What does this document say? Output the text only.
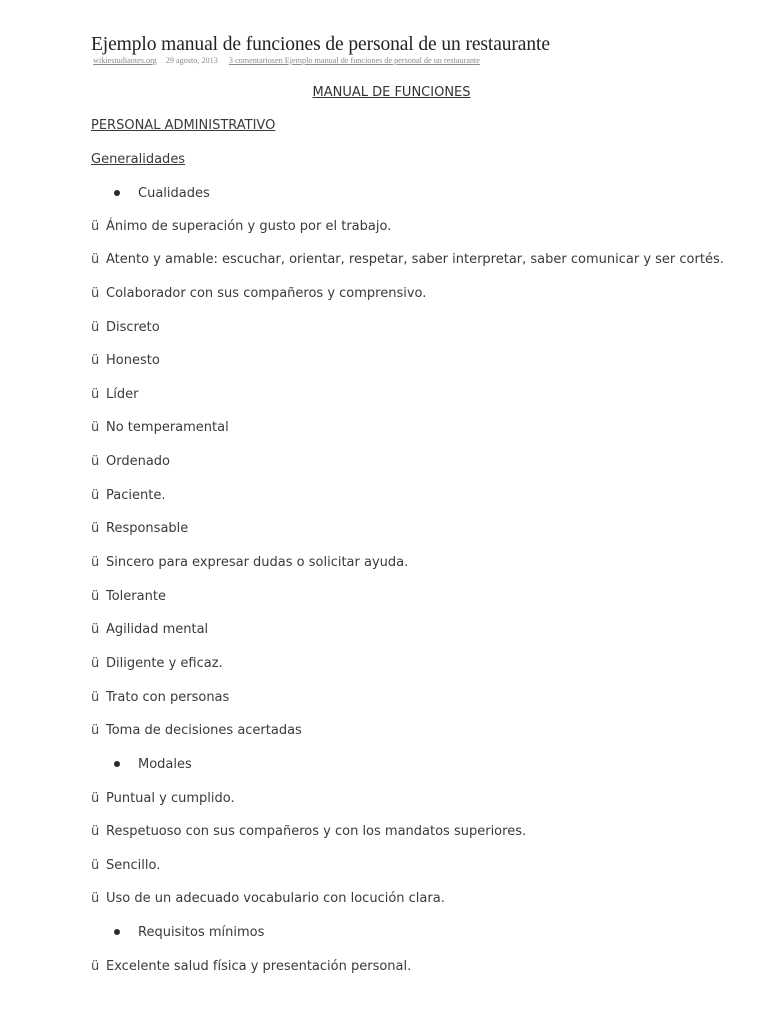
Ejemplo manual de funciones de personal de un restaurante
wikiestudiantes.org 29 agosto, 2013 3 comentariosen Ejemplo manual de funciones de personal de un restaurante
MANUAL DE FUNCIONES
PERSONAL ADMINISTRATIVO
Generalidades
Cualidades
ü Ánimo de superación y gusto por el trabajo.
ü Atento y amable: escuchar, orientar, respetar, saber interpretar, saber comunicar y ser cortés.
ü Colaborador con sus compañeros y comprensivo.
ü Discreto
ü Honesto
ü Líder
ü No temperamental
ü Ordenado
ü Paciente.
ü Responsable
ü Sincero para expresar dudas o solicitar ayuda.
ü Tolerante
ü Agilidad mental
ü Diligente y eficaz.
ü Trato con personas
ü Toma de decisiones acertadas
Modales
ü Puntual y cumplido.
ü Respetuoso con sus compañeros y con los mandatos superiores.
ü Sencillo.
ü Uso de un adecuado vocabulario con locución clara.
Requisitos mínimos
ü Excelente salud física y presentación personal.
